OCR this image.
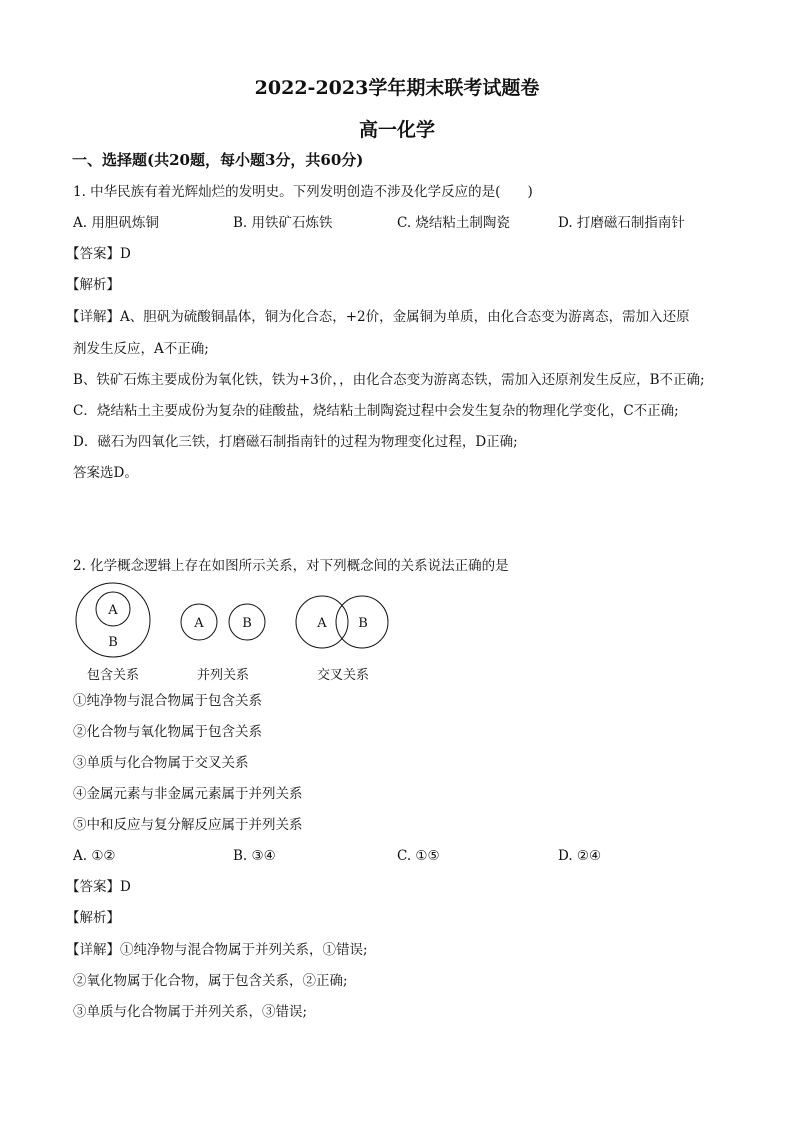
2022-2023学年期末联考试题卷
高一化学
一、选择题(共20题，每小题3分，共60分)
1. 中华民族有着光辉灿烂的发明史。下列发明创造不涉及化学反应的是(　　)
A. 用胆矾炼铜	B. 用铁矿石炼铁	C. 烧结粘土制陶瓷	D. 打磨磁石制指南针
【答案】D
【解析】
【详解】A、胆矾为硫酸铜晶体，铜为化合态，+2价，金属铜为单质，由化合态变为游离态，需加入还原
剂发生反应，A不正确;
B、铁矿石炼主要成份为氧化铁，铁为+3价，，由化合态变为游离态铁，需加入还原剂发生反应，B不正确;
C．烧结粘土主要成份为复杂的硅酸盐，烧结粘土制陶瓷过程中会发生复杂的物理化学变化，C不正确;
D．磁石为四氧化三铁，打磨磁石制指南针的过程为物理变化过程，D正确;
答案选D。
2. 化学概念逻辑上存在如图所示关系，对下列概念间的关系说法正确的是
A
B
A	B	A B
包含关系	并列关系	交叉关系
①纯净物与混合物属于包含关系
②化合物与氧化物属于包含关系
③单质与化合物属于交叉关系
④金属元素与非金属元素属于并列关系
⑤中和反应与复分解反应属于并列关系
A. ①②	B. ③④	C. ①⑤	D. ②④
【答案】D
【解析】
【详解】①纯净物与混合物属于并列关系，①错误;
②氧化物属于化合物，属于包含关系，②正确;
③单质与化合物属于并列关系，③错误;
